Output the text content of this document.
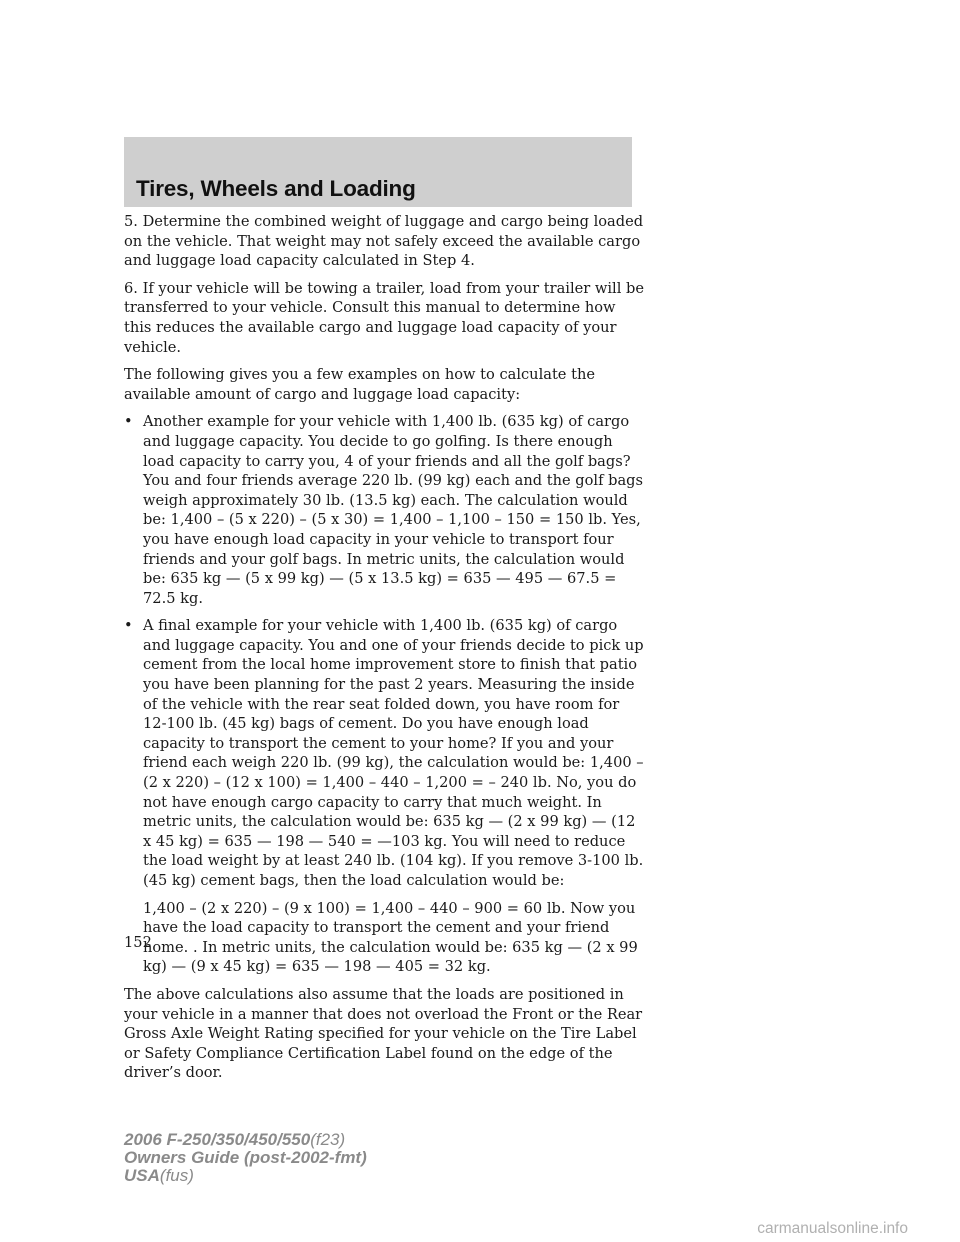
Tires, Wheels and Loading

5. Determine the combined weight of luggage and cargo being loaded on the vehicle. That weight may not safely exceed the available cargo and luggage load capacity calculated in Step 4.

6. If your vehicle will be towing a trailer, load from your trailer will be transferred to your vehicle. Consult this manual to determine how this reduces the available cargo and luggage load capacity of your vehicle.

The following gives you a few examples on how to calculate the available amount of cargo and luggage load capacity:

• Another example for your vehicle with 1,400 lb. (635 kg) of cargo and luggage capacity. You decide to go golfing. Is there enough load capacity to carry you, 4 of your friends and all the golf bags? You and four friends average 220 lb. (99 kg) each and the golf bags weigh approximately 30 lb. (13.5 kg) each. The calculation would be: 1,400 – (5 x 220) – (5 x 30) = 1,400 – 1,100 – 150 = 150 lb. Yes, you have enough load capacity in your vehicle to transport four friends and your golf bags. In metric units, the calculation would be: 635 kg — (5 x 99 kg) — (5 x 13.5 kg) = 635 — 495 — 67.5 = 72.5 kg.
• A final example for your vehicle with 1,400 lb. (635 kg) of cargo and luggage capacity. You and one of your friends decide to pick up cement from the local home improvement store to finish that patio you have been planning for the past 2 years. Measuring the inside of the vehicle with the rear seat folded down, you have room for 12-100 lb. (45 kg) bags of cement. Do you have enough load capacity to transport the cement to your home? If you and your friend each weigh 220 lb. (99 kg), the calculation would be: 1,400 – (2 x 220) – (12 x 100) = 1,400 – 440 – 1,200 = – 240 lb. No, you do not have enough cargo capacity to carry that much weight. In metric units, the calculation would be: 635 kg — (2 x 99 kg) — (12 x 45 kg) = 635 — 198 — 540 = —103 kg. You will need to reduce the load weight by at least 240 lb. (104 kg). If you remove 3-100 lb. (45 kg) cement bags, then the load calculation would be:

1,400 – (2 x 220) – (9 x 100) = 1,400 – 440 – 900 = 60 lb. Now you have the load capacity to transport the cement and your friend home. . In metric units, the calculation would be: 635 kg — (2 x 99 kg) — (9 x 45 kg) = 635 — 198 — 405 = 32 kg.

The above calculations also assume that the loads are positioned in your vehicle in a manner that does not overload the Front or the Rear Gross Axle Weight Rating specified for your vehicle on the Tire Label or Safety Compliance Certification Label found on the edge of the driver’s door.

152
2006 F-250/350/450/550(f23)
Owners Guide (post-2002-fmt)
USA(fus)
carmanualsonline.info
